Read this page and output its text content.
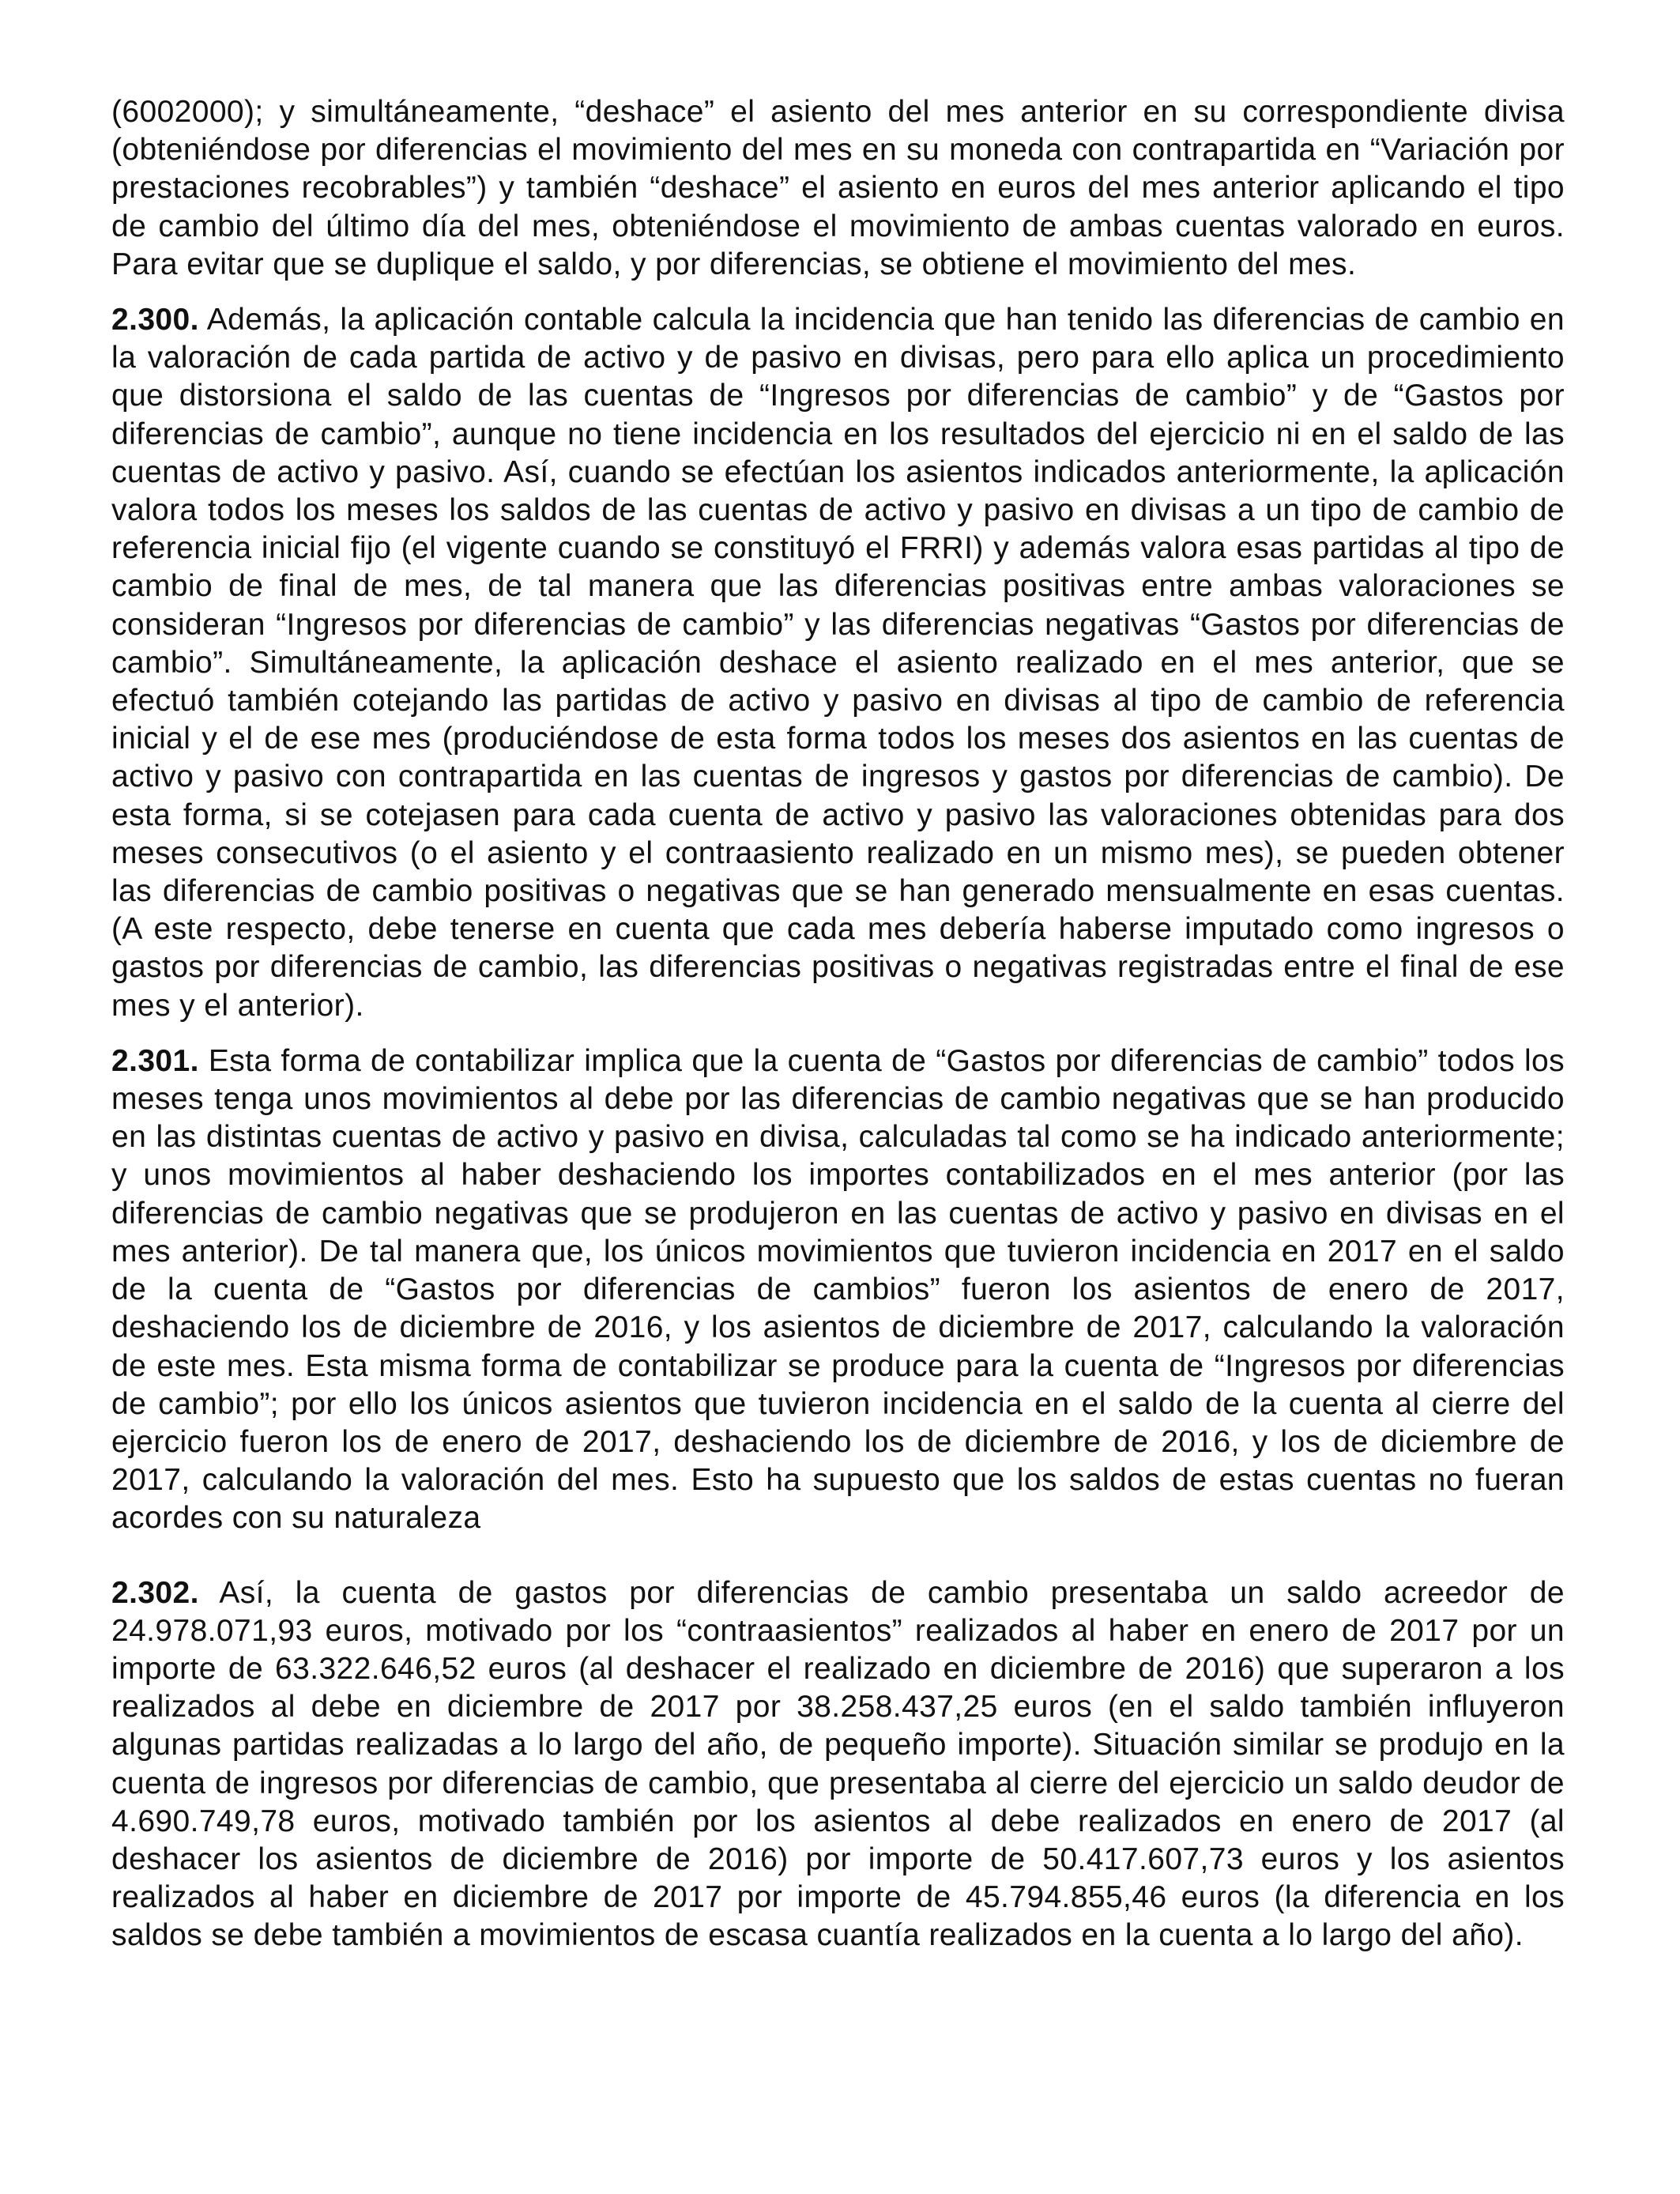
(6002000); y simultáneamente, “deshace” el asiento del mes anterior en su correspondiente divisa (obteniéndose por diferencias el movimiento del mes en su moneda con contrapartida en “Variación por prestaciones recobrables”) y también “deshace” el asiento en euros del mes anterior aplicando el tipo de cambio del último día del mes, obteniéndose el movimiento de ambas cuentas valorado en euros. Para evitar que se duplique el saldo, y por diferencias, se obtiene el movimiento del mes.

2.300. Además, la aplicación contable calcula la incidencia que han tenido las diferencias de cambio en la valoración de cada partida de activo y de pasivo en divisas, pero para ello aplica un procedimiento que distorsiona el saldo de las cuentas de “Ingresos por diferencias de cambio” y de “Gastos por diferencias de cambio”, aunque no tiene incidencia en los resultados del ejercicio ni en el saldo de las cuentas de activo y pasivo. Así, cuando se efectúan los asientos indicados anteriormente, la aplicación valora todos los meses los saldos de las cuentas de activo y pasivo en divisas a un tipo de cambio de referencia inicial fijo (el vigente cuando se constituyó el FRRI) y además valora esas partidas al tipo de cambio de final de mes, de tal manera que las diferencias positivas entre ambas valoraciones se consideran “Ingresos por diferencias de cambio” y las diferencias negativas “Gastos por diferencias de cambio”. Simultáneamente, la aplicación deshace el asiento realizado en el mes anterior, que se efectuó también cotejando las partidas de activo y pasivo en divisas al tipo de cambio de referencia inicial y el de ese mes (produciéndose de esta forma todos los meses dos asientos en las cuentas de activo y pasivo con contrapartida en las cuentas de ingresos y gastos por diferencias de cambio). De esta forma, si se cotejasen para cada cuenta de activo y pasivo las valoraciones obtenidas para dos meses consecutivos (o el asiento y el contraasiento realizado en un mismo mes), se pueden obtener las diferencias de cambio positivas o negativas que se han generado mensualmente en esas cuentas. (A este respecto, debe tenerse en cuenta que cada mes debería haberse imputado como ingresos o gastos por diferencias de cambio, las diferencias positivas o negativas registradas entre el final de ese mes y el anterior).

2.301. Esta forma de contabilizar implica que la cuenta de “Gastos por diferencias de cambio” todos los meses tenga unos movimientos al debe por las diferencias de cambio negativas que se han producido en las distintas cuentas de activo y pasivo en divisa, calculadas tal como se ha indicado anteriormente; y unos movimientos al haber deshaciendo los importes contabilizados en el mes anterior (por las diferencias de cambio negativas que se produjeron en las cuentas de activo y pasivo en divisas en el mes anterior). De tal manera que, los únicos movimientos que tuvieron incidencia en 2017 en el saldo de la cuenta de “Gastos por diferencias de cambios” fueron los asientos de enero de 2017, deshaciendo los de diciembre de 2016, y los asientos de diciembre de 2017, calculando la valoración de este mes. Esta misma forma de contabilizar se produce para la cuenta de “Ingresos por diferencias de cambio”; por ello los únicos asientos que tuvieron incidencia en el saldo de la cuenta al cierre del ejercicio fueron los de enero de 2017, deshaciendo los de diciembre de 2016, y los de diciembre de 2017, calculando la valoración del mes. Esto ha supuesto que los saldos de estas cuentas no fueran acordes con su naturaleza

2.302. Así, la cuenta de gastos por diferencias de cambio presentaba un saldo acreedor de 24.978.071,93 euros, motivado por los “contraasientos” realizados al haber en enero de 2017 por un importe de 63.322.646,52 euros (al deshacer el realizado en diciembre de 2016) que superaron a los realizados al debe en diciembre de 2017 por 38.258.437,25 euros (en el saldo también influyeron algunas partidas realizadas a lo largo del año, de pequeño importe). Situación similar se produjo en la cuenta de ingresos por diferencias de cambio, que presentaba al cierre del ejercicio un saldo deudor de 4.690.749,78 euros, motivado también por los asientos al debe realizados en enero de 2017 (al deshacer los asientos de diciembre de 2016) por importe de 50.417.607,73 euros y los asientos realizados al haber en diciembre de 2017 por importe de 45.794.855,46 euros (la diferencia en los saldos se debe también a movimientos de escasa cuantía realizados en la cuenta a lo largo del año).
